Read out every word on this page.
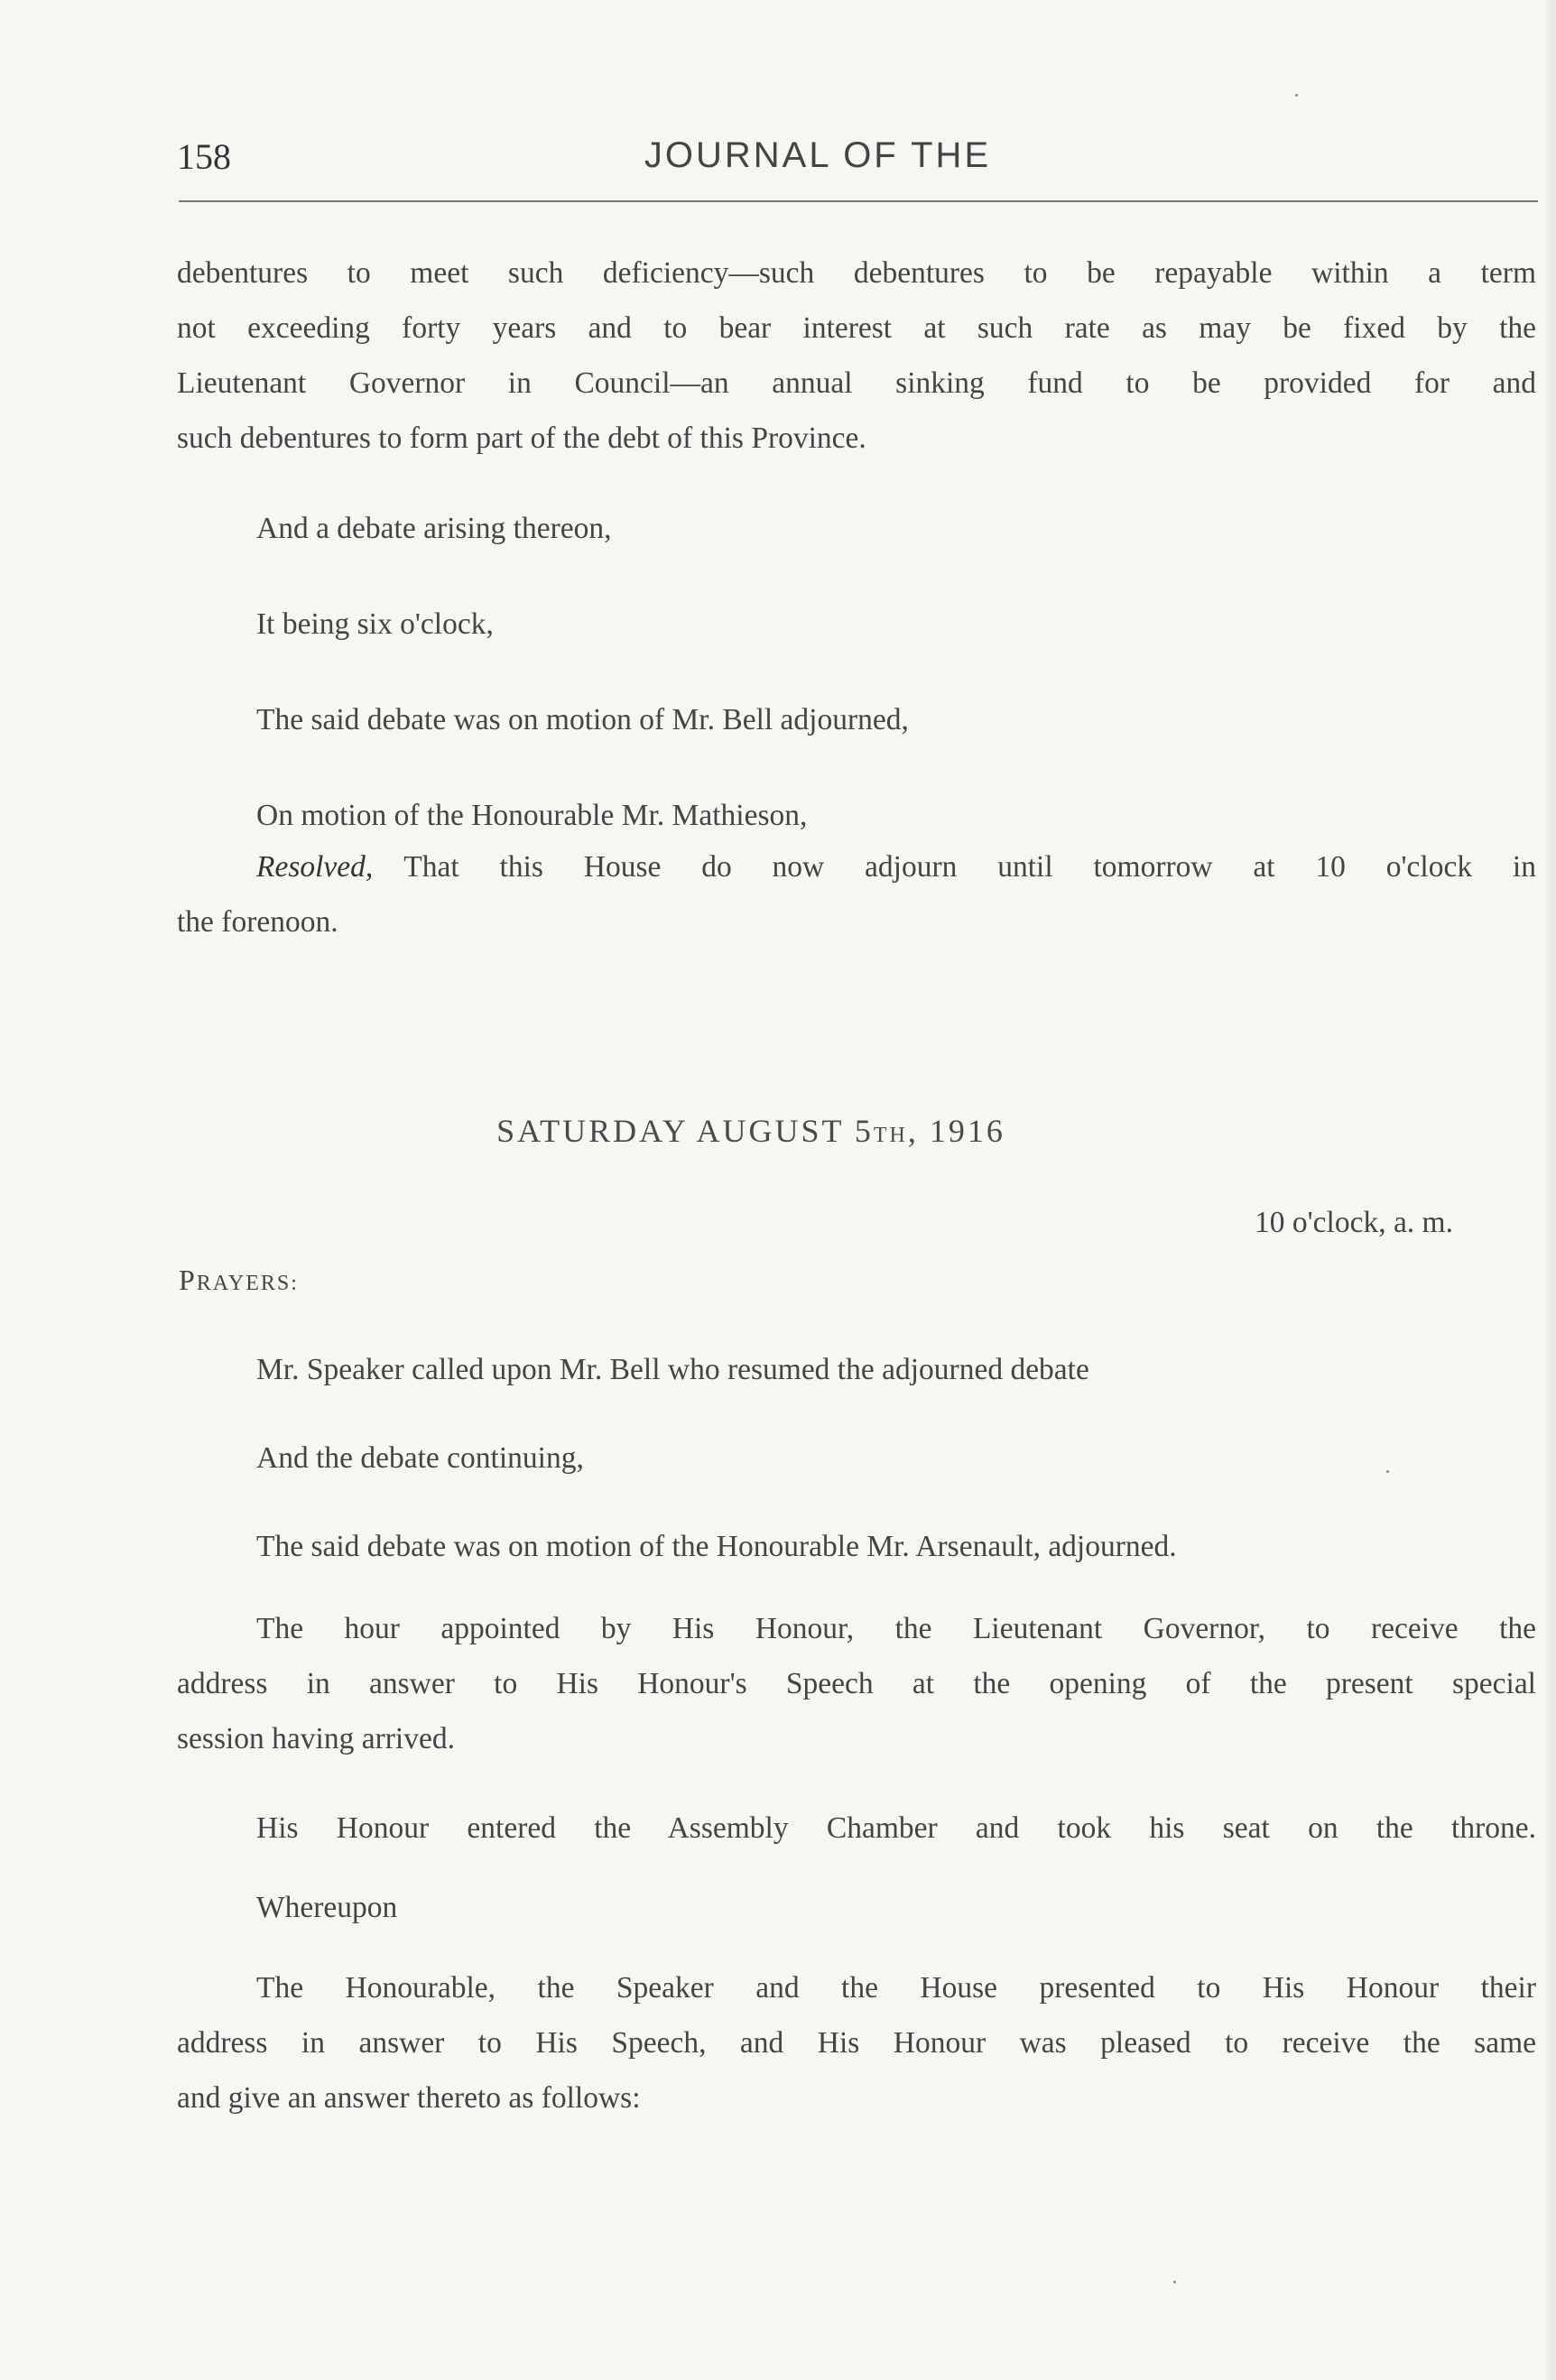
158	JOURNAL OF THE
debentures to meet such deficiency—such debentures to be repayable within a term
not exceeding forty years and to bear interest at such rate as may be fixed by the
Lieutenant Governor in Council—an annual sinking fund to be provided for and
such debentures to form part of the debt of this Province.

And a debate arising thereon,

It being six o'clock,

The said debate was on motion of Mr. Bell adjourned,

On motion of the Honourable Mr. Mathieson,

Resolved, That this House do now adjourn until tomorrow at 10 o'clock in
the forenoon.
SATURDAY AUGUST 5TH, 1916
10 o'clock, a. m.
PRAYERS:

Mr. Speaker called upon Mr. Bell who resumed the adjourned debate

And the debate continuing,

The said debate was on motion of the Honourable Mr. Arsenault, adjourned.

The hour appointed by His Honour, the Lieutenant Governor, to receive the
address in answer to His Honour's Speech at the opening of the present special
session having arrived.
His Honour entered the Assembly Chamber and took his seat on the throne.
Whereupon
The Honourable, the Speaker and the House presented to His Honour their
address in answer to His Speech, and His Honour was pleased to receive the same
and give an answer thereto as follows:
